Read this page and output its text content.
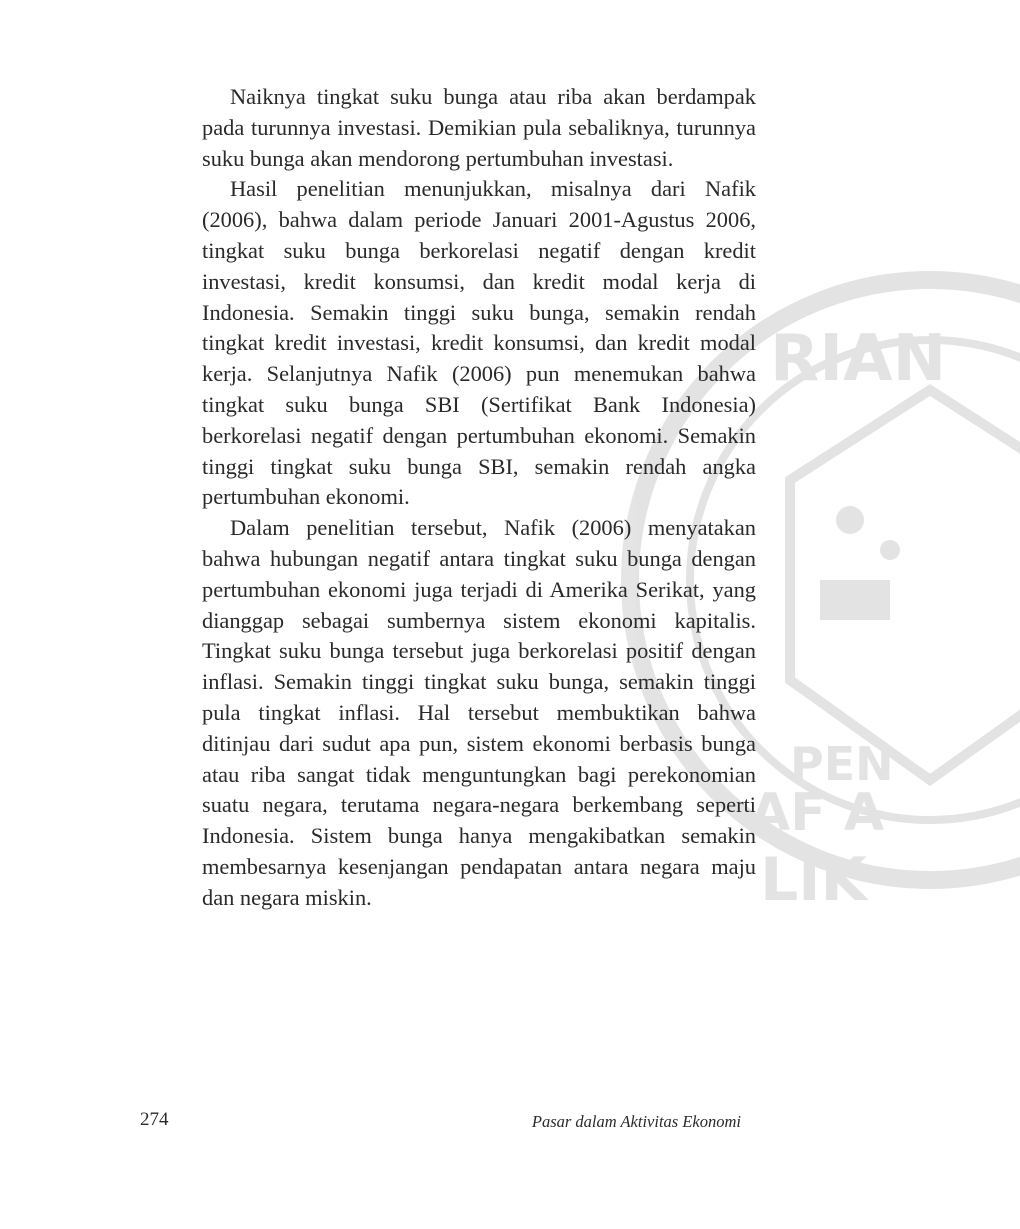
RIAN
PEN
AF A
LIK

Naiknya tingkat suku bunga atau riba akan berdampak pada turunnya investasi. Demikian pula sebaliknya, turunnya suku bunga akan mendorong pertumbuhan investasi.

Hasil penelitian menunjukkan, misalnya dari Nafik (2006), bahwa dalam periode Januari 2001-Agustus 2006, tingkat suku bunga berkorelasi negatif dengan kredit investasi, kredit konsumsi, dan kredit modal kerja di Indonesia. Semakin tinggi suku bunga, semakin rendah tingkat kredit investasi, kredit konsumsi, dan kredit modal kerja. Selanjutnya Nafik (2006) pun menemukan bahwa tingkat suku bunga SBI (Sertifikat Bank Indonesia) berkorelasi negatif dengan pertumbuhan ekonomi. Semakin tinggi tingkat suku bunga SBI, semakin rendah angka pertumbuhan ekonomi.

Dalam penelitian tersebut, Nafik (2006) menyatakan bahwa hubungan negatif antara tingkat suku bunga dengan pertumbuhan ekonomi juga terjadi di Amerika Serikat, yang dianggap sebagai sumbernya sistem ekonomi kapitalis. Tingkat suku bunga tersebut juga berkorelasi positif dengan inflasi. Semakin tinggi tingkat suku bunga, semakin tinggi pula tingkat inflasi. Hal tersebut membuktikan bahwa ditinjau dari sudut apa pun, sistem ekonomi berbasis bunga atau riba sangat tidak menguntungkan bagi perekonomian suatu negara, terutama negara-negara berkembang seperti Indonesia. Sistem bunga hanya mengakibatkan semakin membesarnya kesenjangan pendapatan antara negara maju dan negara miskin.

274	Pasar dalam Aktivitas Ekonomi
